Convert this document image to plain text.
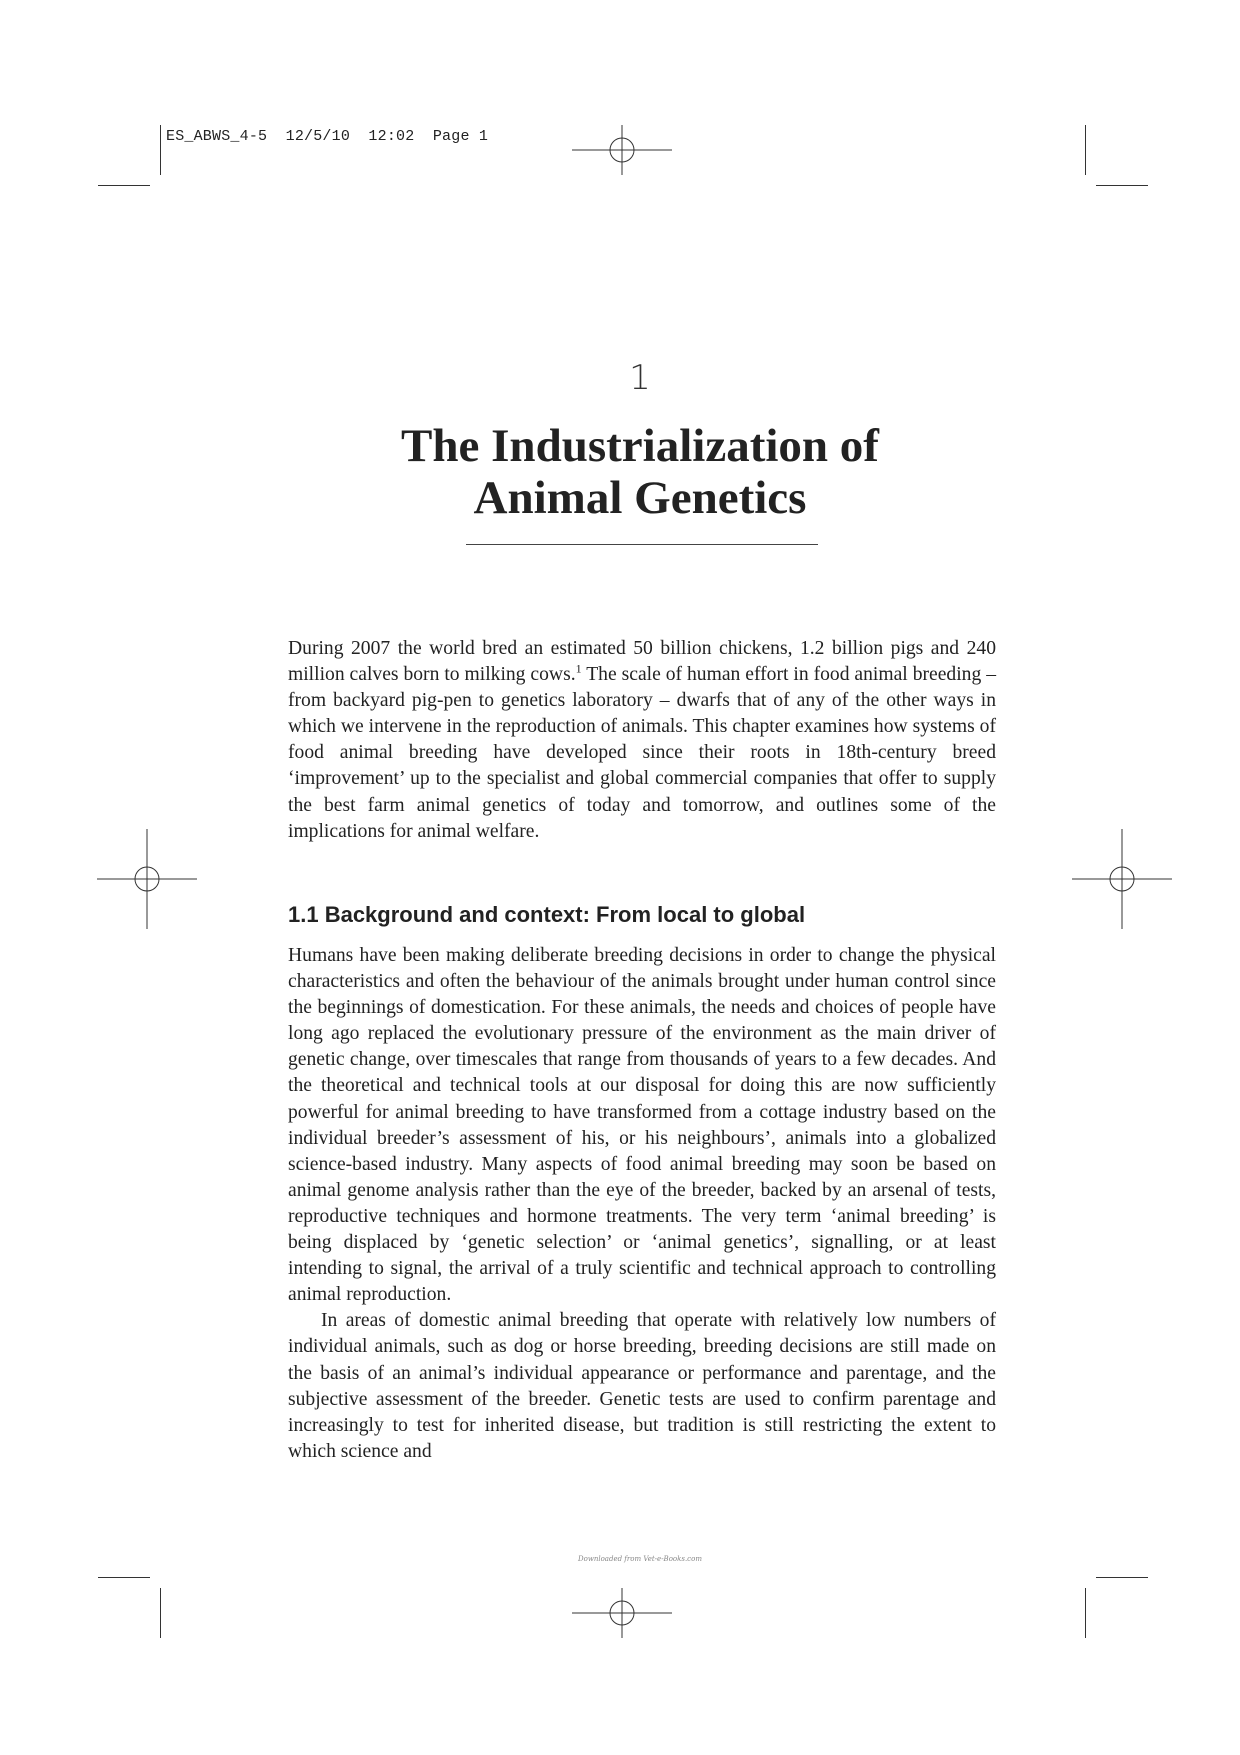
ES_ABWS_4-5  12/5/10  12:02  Page 1
1
The Industrialization of
Animal Genetics

During 2007 the world bred an estimated 50 billion chickens, 1.2 billion pigs and 240 million calves born to milking cows.$^1$ The scale of human effort in food animal breeding – from backyard pig-pen to genetics laboratory – dwarfs that of any of the other ways in which we intervene in the reproduction of animals. This chapter examines how systems of food animal breeding have developed since their roots in 18th-century breed ‘improvement’ up to the specialist and global commercial companies that offer to supply the best farm animal genetics of today and tomorrow, and outlines some of the implications for animal welfare.

1.1 Background and context: From local to global

Humans have been making deliberate breeding decisions in order to change the physical characteristics and often the behaviour of the animals brought under human control since the beginnings of domestication. For these animals, the needs and choices of people have long ago replaced the evolutionary pressure of the environment as the main driver of genetic change, over timescales that range from thousands of years to a few decades. And the theoretical and technical tools at our disposal for doing this are now sufficiently powerful for animal breeding to have transformed from a cottage industry based on the individual breeder’s assessment of his, or his neighbours’, animals into a globalized science-based industry. Many aspects of food animal breeding may soon be based on animal genome analysis rather than the eye of the breeder, backed by an arsenal of tests, reproductive techniques and hormone treatments. The very term ‘animal breeding’ is being displaced by ‘genetic selection’ or ‘animal genetics’, signalling, or at least intending to signal, the arrival of a truly scientific and technical approach to controlling animal reproduction.

In areas of domestic animal breeding that operate with relatively low numbers of individual animals, such as dog or horse breeding, breeding decisions are still made on the basis of an animal’s individual appearance or performance and parentage, and the subjective assessment of the breeder. Genetic tests are used to confirm parentage and increasingly to test for inherited disease, but tradition is still restricting the extent to which science and

Downloaded from Vet-e-Books.com
